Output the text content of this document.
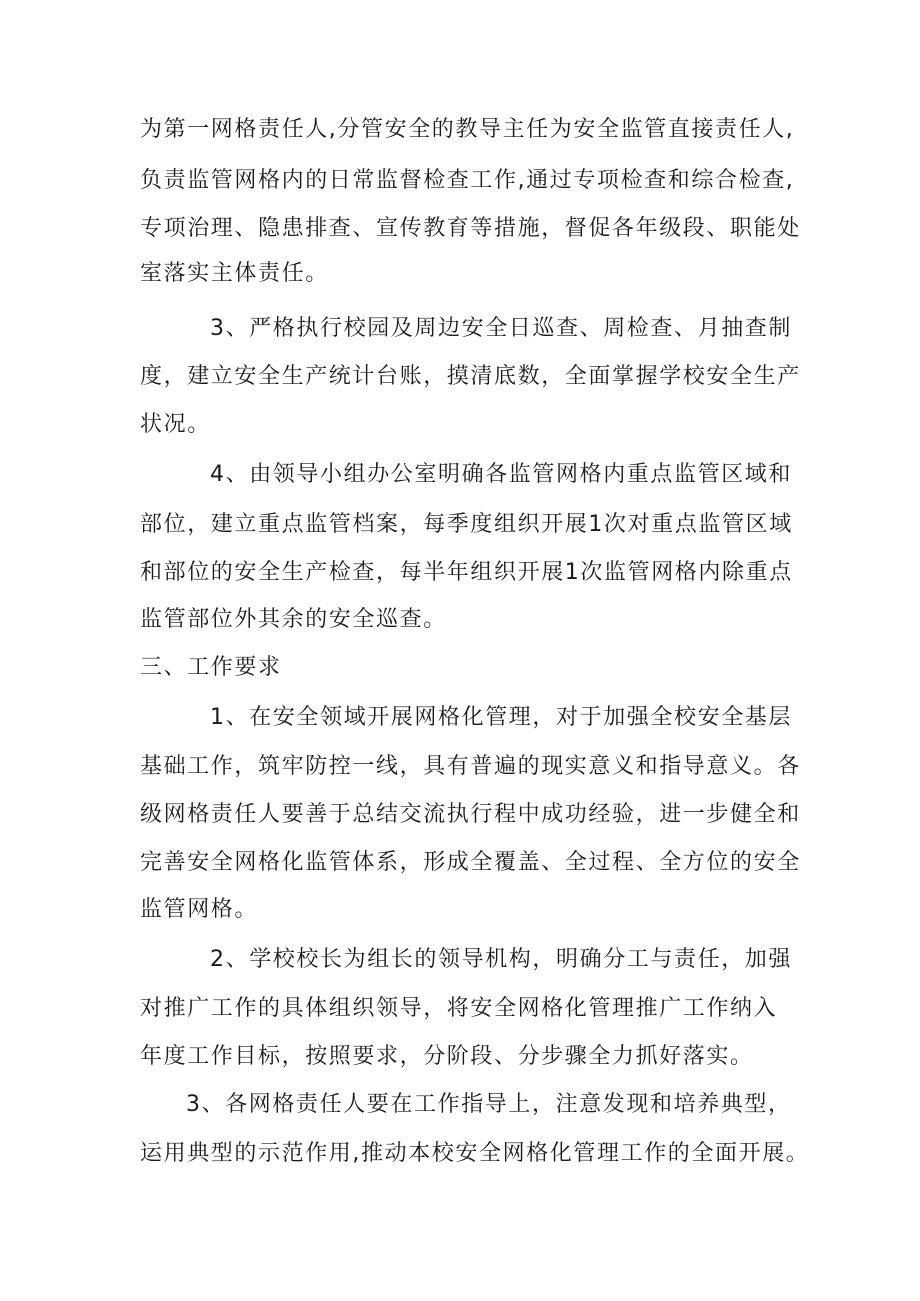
为第一网格责任人,分管安全的教导主任为安全监管直接责任人,
负责监管网格内的日常监督检查工作,通过专项检查和综合检查,
专项治理、隐患排查、宣传教育等措施，督促各年级段、职能处
室落实主体责任。
3、严格执行校园及周边安全日巡查、周检查、月抽查制
度，建立安全生产统计台账，摸清底数，全面掌握学校安全生产
状况。
4、由领导小组办公室明确各监管网格内重点监管区域和
部位，建立重点监管档案，每季度组织开展1次对重点监管区域
和部位的安全生产检查，每半年组织开展1次监管网格内除重点
监管部位外其余的安全巡查。
三、工作要求
1、在安全领域开展网格化管理，对于加强全校安全基层
基础工作，筑牢防控一线，具有普遍的现实意义和指导意义。各
级网格责任人要善于总结交流执行程中成功经验，进一步健全和
完善安全网格化监管体系，形成全覆盖、全过程、全方位的安全
监管网格。
2、学校校长为组长的领导机构，明确分工与责任，加强
对推广工作的具体组织领导，将安全网格化管理推广工作纳入
年度工作目标，按照要求，分阶段、分步骤全力抓好落实。
3、各网格责任人要在工作指导上，注意发现和培养典型，
运用典型的示范作用,推动本校安全网格化管理工作的全面开展。
